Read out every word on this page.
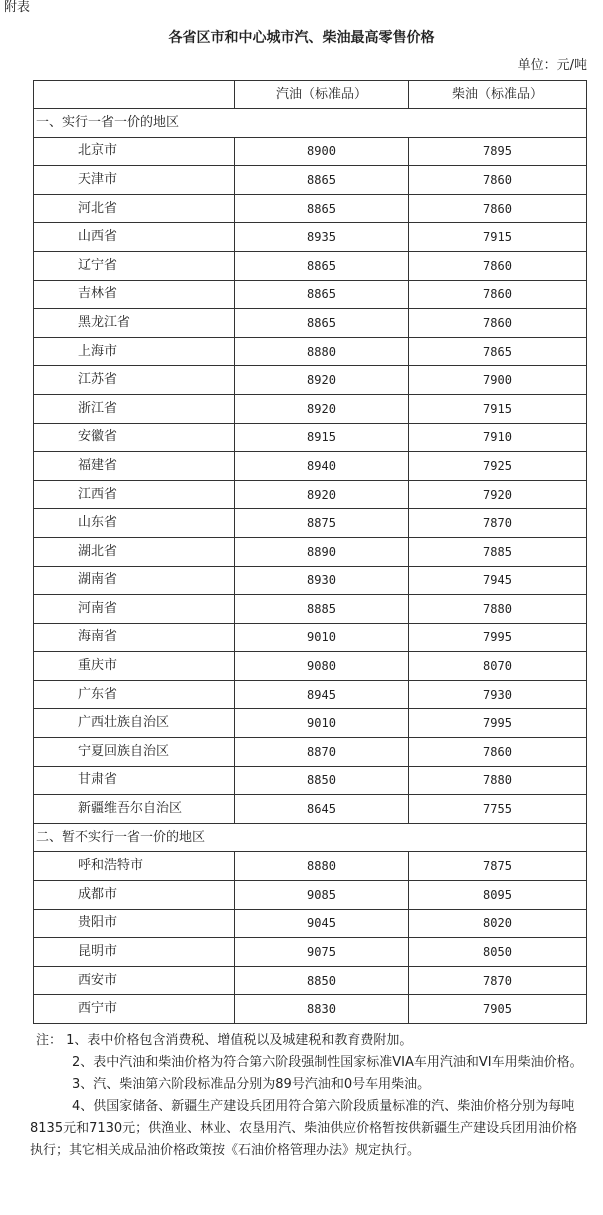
附表
各省区市和中心城市汽、柴油最高零售价格
单位：元/吨
	汽油（标准品）	柴油（标准品）
一、实行一省一价的地区		
北京市	8900	7895
天津市	8865	7860
河北省	8865	7860
山西省	8935	7915
辽宁省	8865	7860
吉林省	8865	7860
黑龙江省	8865	7860
上海市	8880	7865
江苏省	8920	7900
浙江省	8920	7915
安徽省	8915	7910
福建省	8940	7925
江西省	8920	7920
山东省	8875	7870
湖北省	8890	7885
湖南省	8930	7945
河南省	8885	7880
海南省	9010	7995
重庆市	9080	8070
广东省	8945	7930
广西壮族自治区	9010	7995
宁夏回族自治区	8870	7860
甘肃省	8850	7880
新疆维吾尔自治区	8645	7755
二、暂不实行一省一价的地区		
呼和浩特市	8880	7875
成都市	9085	8095
贵阳市	9045	8020
昆明市	9075	8050
西安市	8850	7870
西宁市	8830	7905

注： 1、表中价格包含消费税、增值税以及城建税和教育费附加。

2、表中汽油和柴油价格为符合第六阶段强制性国家标准VIA车用汽油和VI车用柴油价格。

3、汽、柴油第六阶段标准品分别为89号汽油和0号车用柴油。

4、供国家储备、新疆生产建设兵团用符合第六阶段质量标准的汽、柴油价格分别为每吨8135元和7130元；供渔业、林业、农垦用汽、柴油供应价格暂按供新疆生产建设兵团用油价格执行；其它相关成品油价格政策按《石油价格管理办法》规定执行。
